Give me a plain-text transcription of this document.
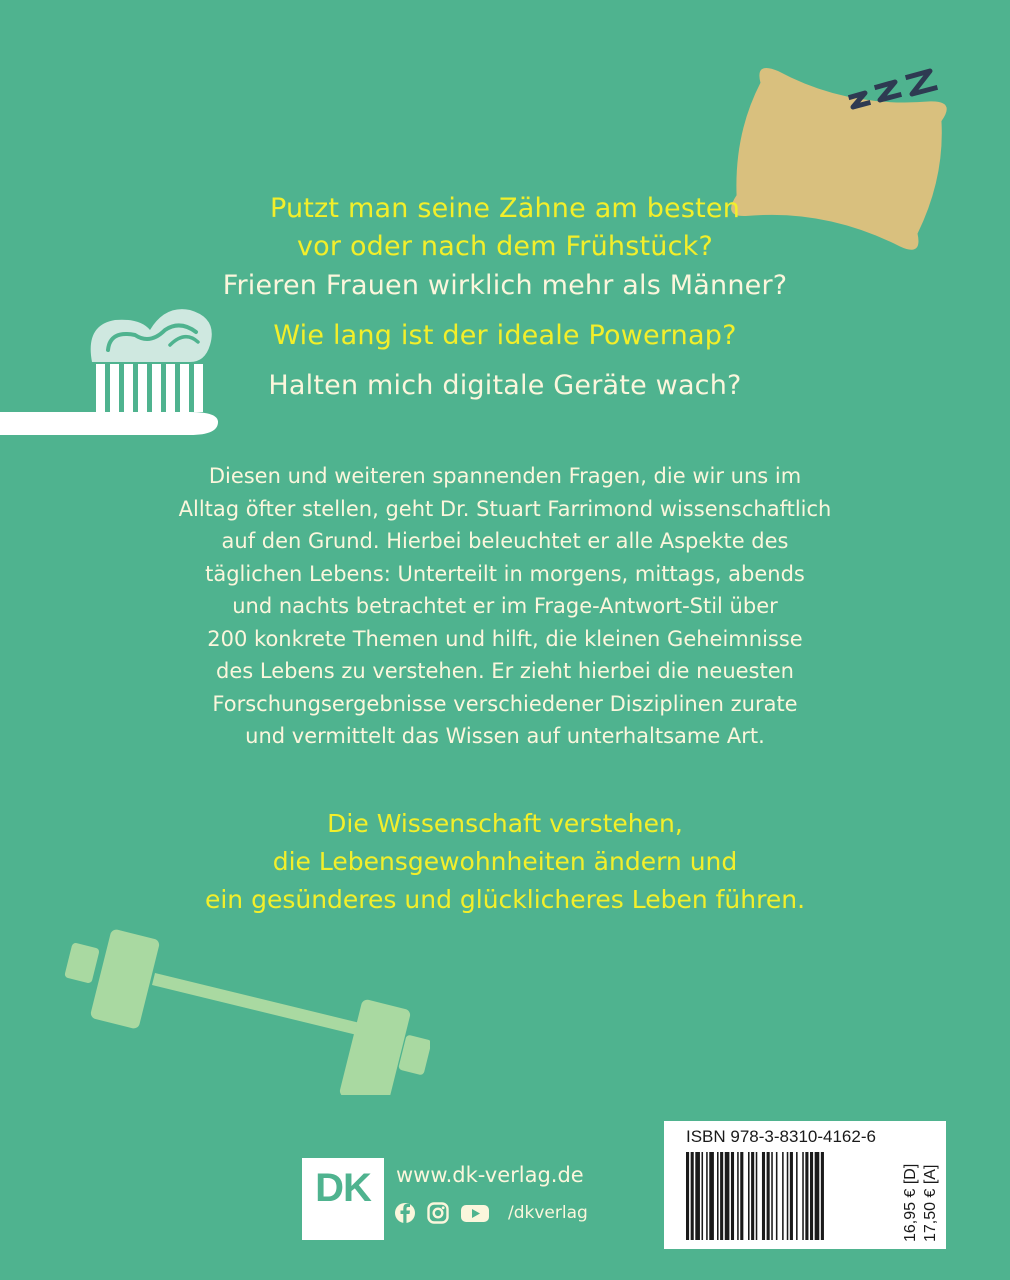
Putzt man seine Zähne am besten
vor oder nach dem Frühstück?
Frieren Frauen wirklich mehr als Männer?
Wie lang ist der ideale Powernap?
Halten mich digitale Geräte wach?
Diesen und weiteren spannenden Fragen, die wir uns im
Alltag öfter stellen, geht Dr. Stuart Farrimond wissenschaftlich
auf den Grund. Hierbei beleuchtet er alle Aspekte des
täglichen Lebens: Unterteilt in morgens, mittags, abends
und nachts betrachtet er im Frage-Antwort-Stil über
200 konkrete Themen und hilft, die kleinen Geheimnisse
des Lebens zu verstehen. Er zieht hierbei die neuesten
Forschungsergebnisse verschiedener Disziplinen zurate
und vermittelt das Wissen auf unterhaltsame Art.
Die Wissenschaft verstehen,
die Lebensgewohnheiten ändern und
ein gesünderes und glücklicheres Leben führen.
DK	www.dk-verlag.de
/dkverlag
ISBN 978-3-8310-4162-6
16,95 € [D] 17,50 € [A]
